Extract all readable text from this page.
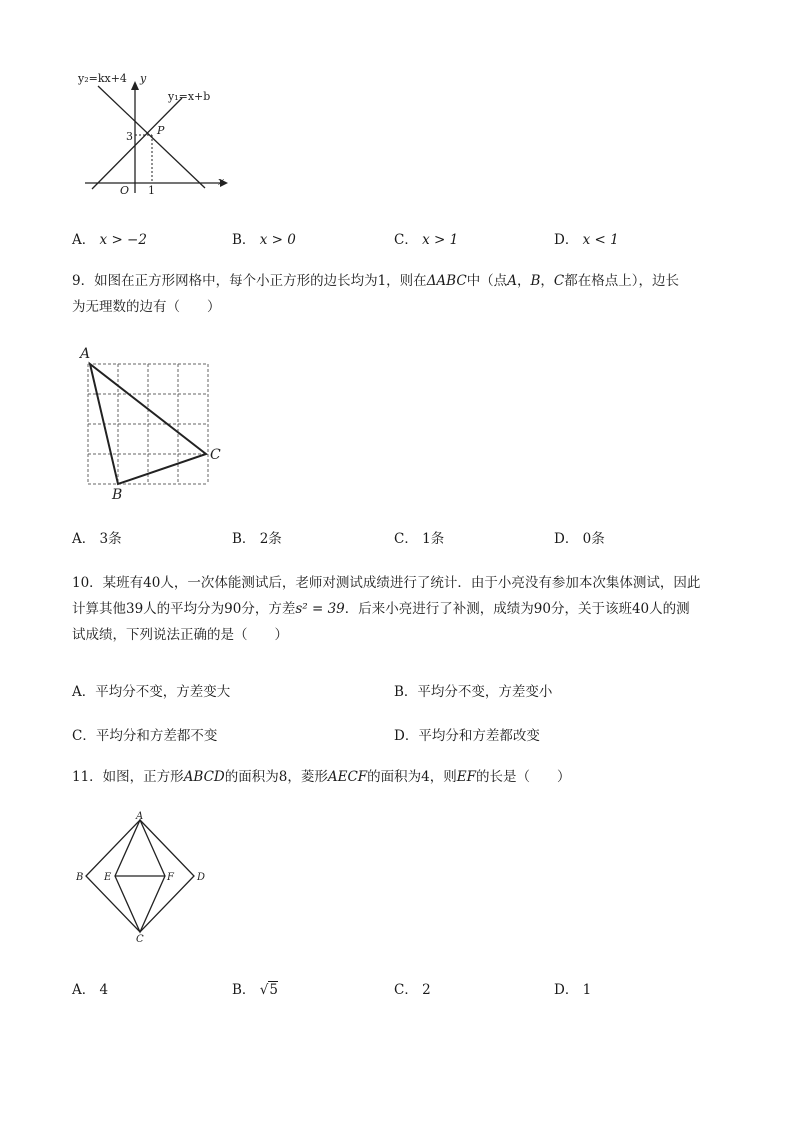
y₂=kx+4 y
y₁=x+b
x
O
3
1
P
A． x > −2	B． x > 0	C． x > 1	D． x < 1
9．如图在正方形网格中，每个小正方形的边长均为1，则在ΔABC中（点A，B，C都在格点上），边长
为无理数的边有（　　）
A
B
C
A． 3条	B． 2条	C． 1条	D． 0条
10．某班有40人，一次体能测试后，老师对测试成绩进行了统计．由于小亮没有参加本次集体测试，因此
计算其他39人的平均分为90分，方差s² = 39．后来小亮进行了补测，成绩为90分，关于该班40人的测
试成绩，下列说法正确的是（　　）
A．平均分不变，方差变大	B．平均分不变，方差变小
C．平均分和方差都不变	D．平均分和方差都改变
11．如图，正方形ABCD的面积为8，菱形AECF的面积为4，则EF的长是（　　）
A
B
C
D
E	F
A． 4	B． √5	C． 2	D． 1
